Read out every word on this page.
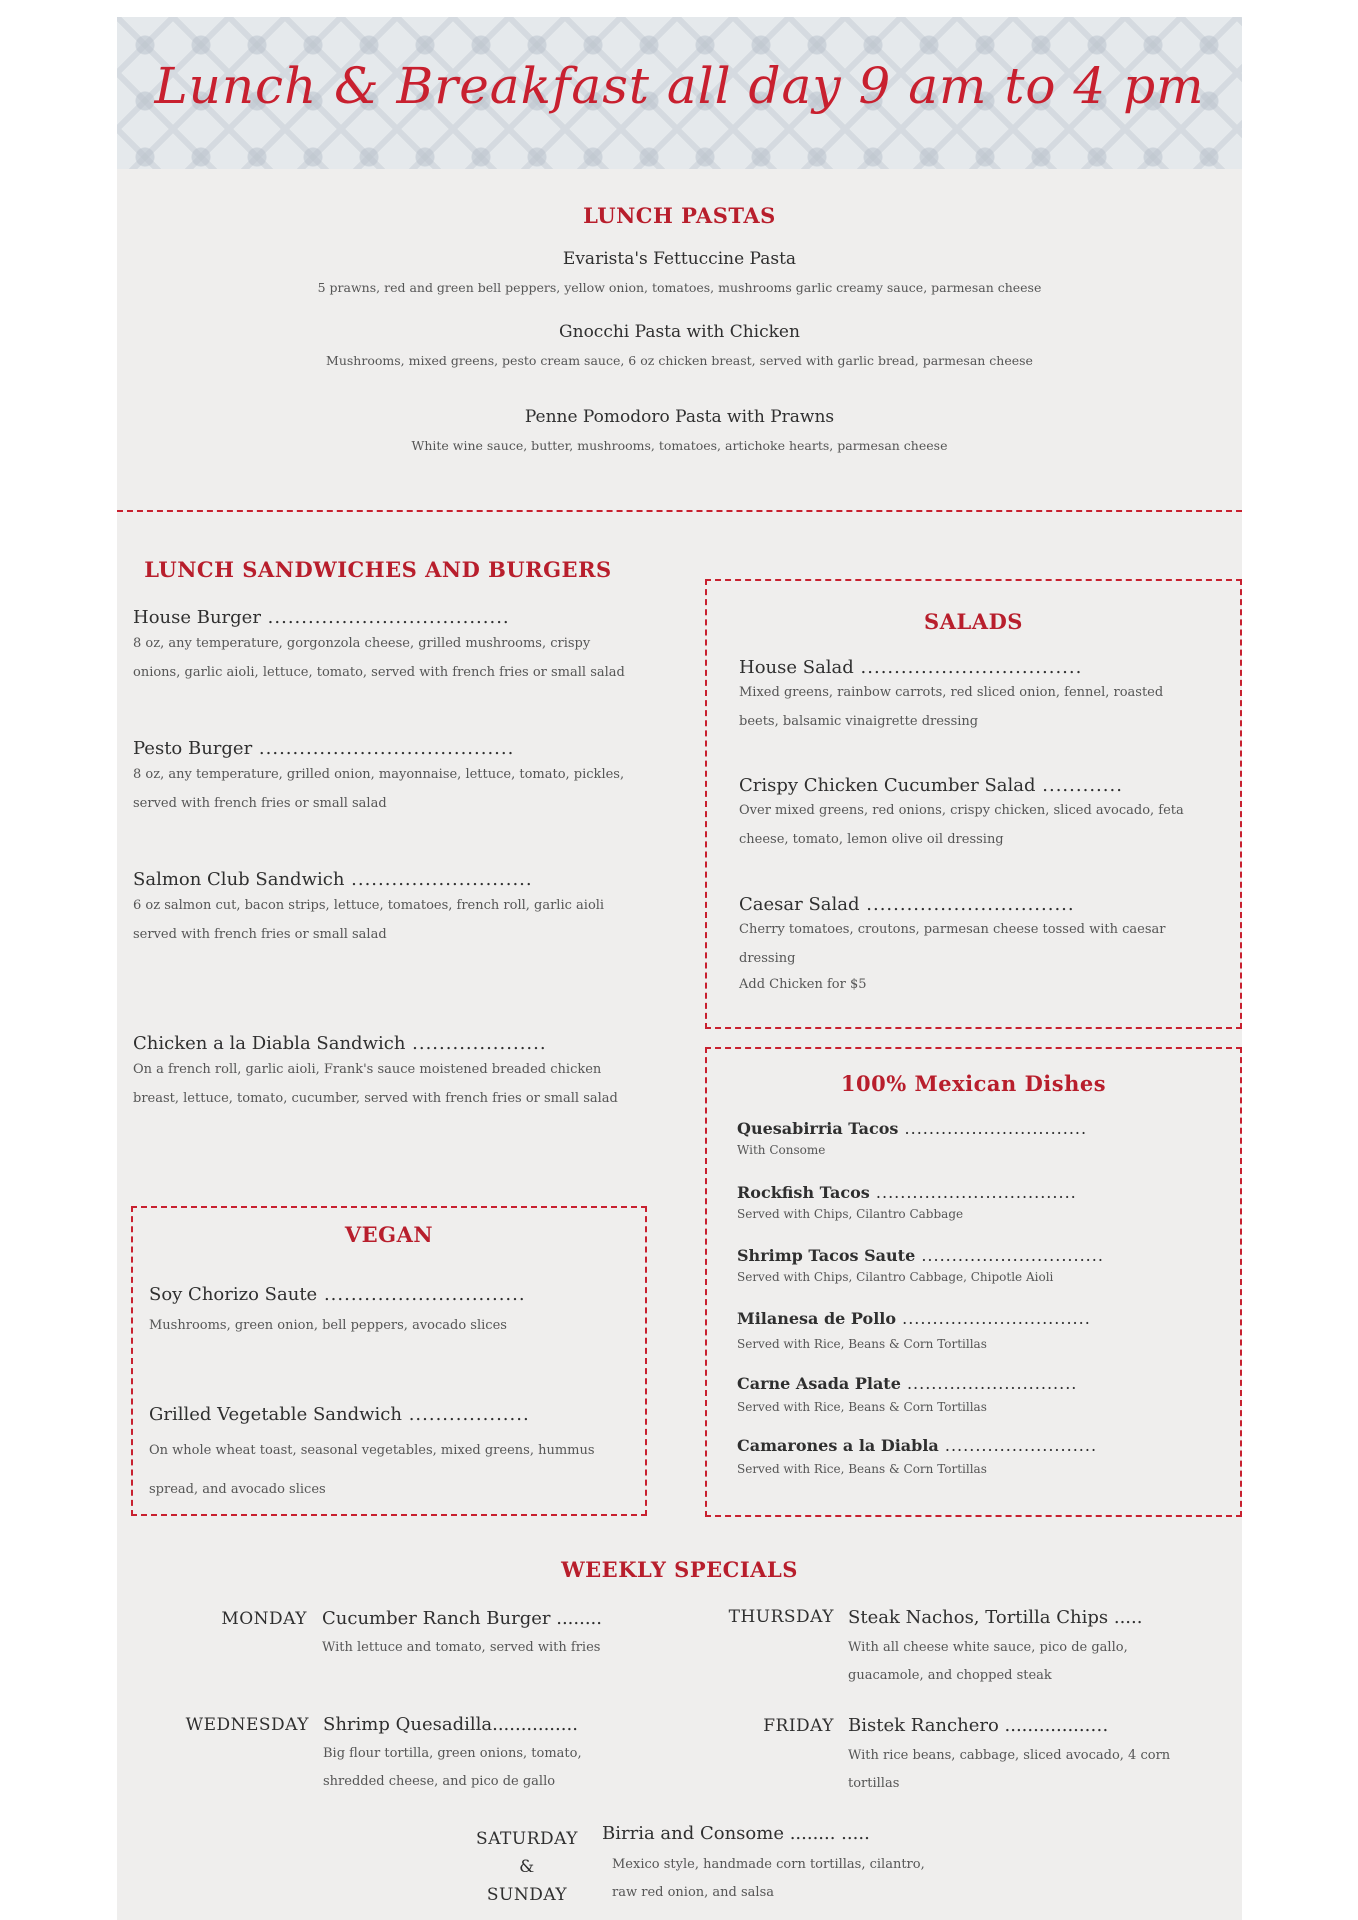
Lunch & Breakfast all day 9 am to 4 pm
LUNCH PASTAS
Evarista's Fettuccine Pasta
5 prawns, red and green bell peppers, yellow onion, tomatoes, mushrooms garlic creamy sauce, parmesan cheese
Gnocchi Pasta with Chicken
Mushrooms, mixed greens, pesto cream sauce, 6 oz chicken breast, served with garlic bread, parmesan cheese
Penne Pomodoro Pasta with Prawns
White wine sauce, butter, mushrooms, tomatoes, artichoke hearts, parmesan cheese
LUNCH SANDWICHES AND BURGERS
House Burger ....................................
8 oz, any temperature, gorgonzola cheese, grilled mushrooms, crispy onions, garlic aioli, lettuce, tomato, served with french fries or small salad
Pesto Burger ......................................
8 oz, any temperature, grilled onion, mayonnaise, lettuce, tomato, pickles, served with french fries or small salad
Salmon Club Sandwich ...........................
6 oz salmon cut, bacon strips, lettuce, tomatoes, french roll, garlic aioli served with french fries or small salad
Chicken a la Diabla Sandwich ....................
On a french roll, garlic aioli, Frank's sauce moistened breaded chicken breast, lettuce, tomato, cucumber, served with french fries or small salad
VEGAN
Soy Chorizo Saute ..............................
Mushrooms, green onion, bell peppers, avocado slices
Grilled Vegetable Sandwich ..................
On whole wheat toast, seasonal vegetables, mixed greens, hummus spread, and avocado slices
SALADS
House Salad .................................
Mixed greens, rainbow carrots, red sliced onion, fennel, roasted beets, balsamic vinaigrette dressing
Crispy Chicken Cucumber Salad ............
Over mixed greens, red onions, crispy chicken, sliced avocado, feta cheese, tomato, lemon olive oil dressing
Caesar Salad ...............................
Cherry tomatoes, croutons, parmesan cheese tossed with caesar dressing
Add Chicken for $5
100% Mexican Dishes
Quesabirria Tacos ..............................
With Consome
Rockfish Tacos .................................
Served with Chips, Cilantro Cabbage
Shrimp Tacos Saute ..............................
Served with Chips, Cilantro Cabbage, Chipotle Aioli
Milanesa de Pollo ...............................
Served with Rice, Beans & Corn Tortillas
Carne Asada Plate ............................
Served with Rice, Beans & Corn Tortillas
Camarones a la Diabla .........................
Served with Rice, Beans & Corn Tortillas
WEEKLY SPECIALS
MONDAY Cucumber Ranch Burger ........
With lettuce and tomato, served with fries
WEDNESDAY Shrimp Quesadilla...............
Big flour tortilla, green onions, tomato, shredded cheese, and pico de gallo
THURSDAY Steak Nachos, Tortilla Chips .....
With all cheese white sauce, pico de gallo, guacamole, and chopped steak
FRIDAY Bistek Ranchero ...............…
With rice beans, cabbage, sliced avocado, 4 corn tortillas
SATURDAY
&
SUNDAY
Birria and Consome ........ .....
Mexico style, handmade corn tortillas, cilantro, raw red onion, and salsa
